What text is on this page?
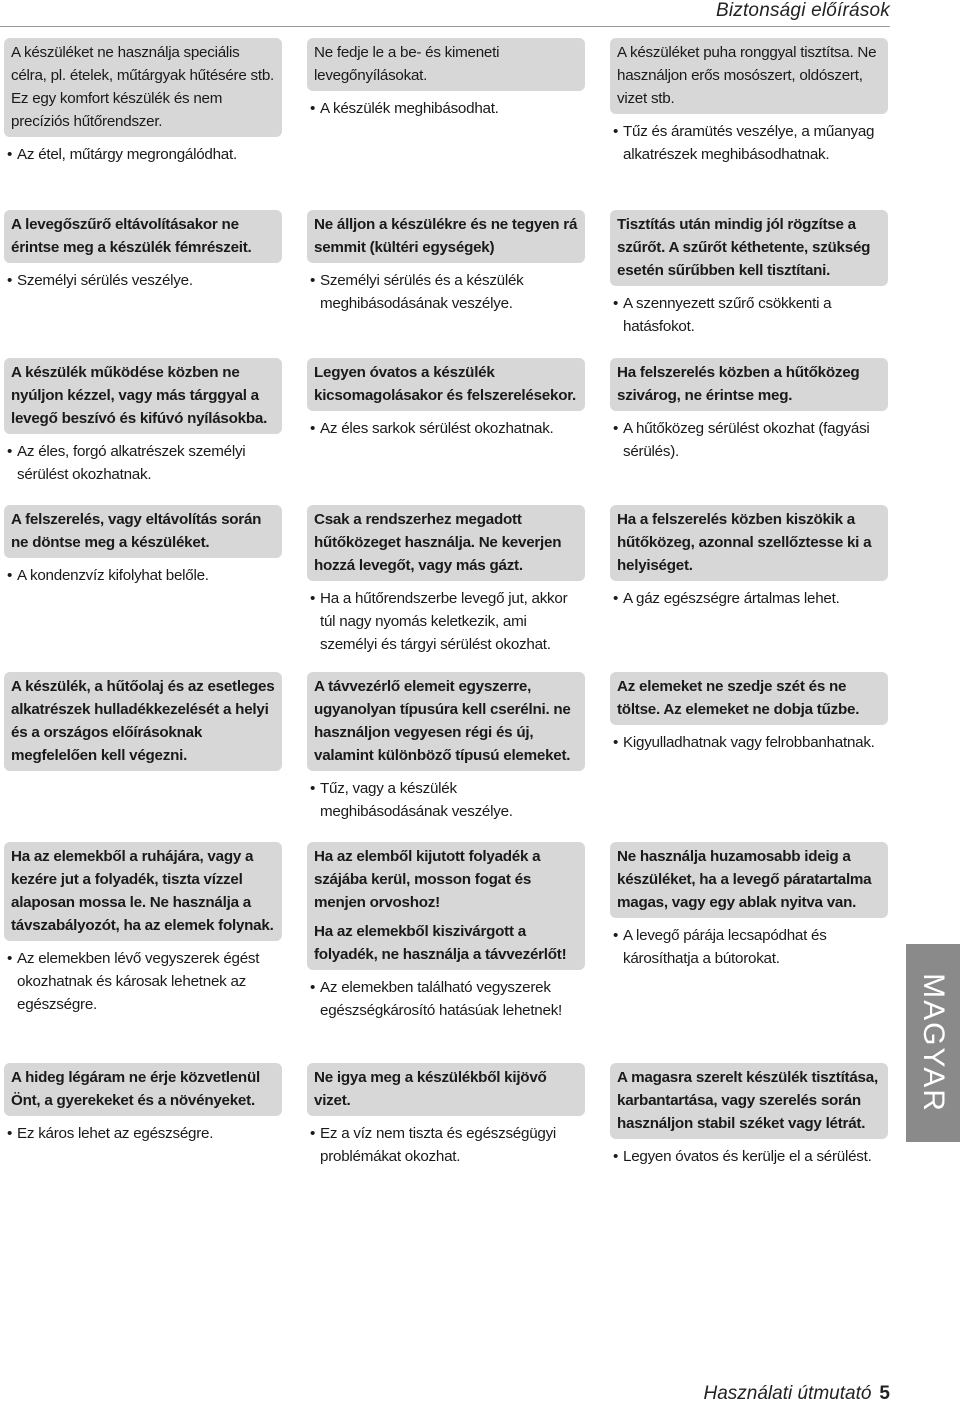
Biztonsági előírások

A készüléket ne használja speciális célra, pl. ételek, műtárgyak hűtésére stb. Ez egy komfort készülék és nem precíziós hűtőrendszer.

• Az étel, műtárgy megrongálódhat.

Ne fedje le a be- és kimeneti levegőnyílásokat.

• A készülék meghibásodhat.

A készüléket puha ronggyal tisztítsa. Ne használjon erős mosószert, oldószert, vizet stb.

• Tűz és áramütés veszélye, a műanyag alkatrészek meghibásodhatnak.

A levegőszűrő eltávolításakor ne érintse meg a készülék fémrészeit.

• Személyi sérülés veszélye.

Ne álljon a készülékre és ne tegyen rá semmit (kültéri egységek)

• Személyi sérülés és a készülék meghibásodásának veszélye.

Tisztítás után mindig jól rögzítse a szűrőt. A szűrőt kéthetente, szükség esetén sűrűbben kell tisztítani.

• A szennyezett szűrő csökkenti a hatásfokot.

A készülék működése közben ne nyúljon kézzel, vagy más tárggyal a levegő beszívó és kifúvó nyílásokba.

• Az éles, forgó alkatrészek személyi sérülést okozhatnak.

Legyen óvatos a készülék kicsomagolásakor és felszerelésekor.

• Az éles sarkok sérülést okozhatnak.

Ha felszerelés közben a hűtőközeg szivárog, ne érintse meg.

• A hűtőközeg sérülést okozhat (fagyási sérülés).

A felszerelés, vagy eltávolítás során ne döntse meg a készüléket.

• A kondenzvíz kifolyhat belőle.

Csak a rendszerhez megadott hűtőközeget használja. Ne keverjen hozzá levegőt, vagy más gázt.

• Ha a hűtőrendszerbe levegő jut, akkor túl nagy nyomás keletkezik, ami személyi és tárgyi sérülést okozhat.

Ha a felszerelés közben kiszökik a hűtőközeg, azonnal szellőztesse ki a helyiséget.

• A gáz egészségre ártalmas lehet.

A készülék, a hűtőolaj és az esetleges alkatrészek hulladékkezelését a helyi és a országos előírásoknak megfelelően kell végezni.

A távvezérlő elemeit egyszerre, ugyanolyan típusúra kell cserélni. ne használjon vegyesen régi és új, valamint különböző típusú elemeket.

• Tűz, vagy a készülék meghibásodásának veszélye.

Az elemeket ne szedje szét és ne töltse. Az elemeket ne dobja tűzbe.

• Kigyulladhatnak vagy felrobbanhatnak.

Ha az elemekből a ruhájára, vagy a kezére jut a folyadék, tiszta vízzel alaposan mossa le. Ne használja a távszabályozót, ha az elemek folynak.

• Az elemekben lévő vegyszerek égést okozhatnak és károsak lehetnek az egészségre.

Ha az elemből kijutott folyadék a szájába kerül, mosson fogat és menjen orvoshoz!

Ha az elemekből kiszivárgott a folyadék, ne használja a távvezérlőt!

• Az elemekben található vegyszerek egészségkárosító hatásúak lehetnek!

Ne használja huzamosabb ideig a készüléket, ha a levegő páratartalma magas, vagy egy ablak nyitva van.

• A levegő párája lecsapódhat és károsíthatja a bútorokat.

A hideg légáram ne érje közvetlenül Önt, a gyerekeket és a növényeket.

• Ez káros lehet az egészségre.

Ne igya meg a készülékből kijövő vizet.

• Ez a víz nem tiszta és egészségügyi problémákat okozhat.

A magasra szerelt készülék tisztítása, karbantartása, vagy szerelés során használjon stabil széket vagy létrát.

• Legyen óvatos és kerülje el a sérülést.
MAGYAR
Használati útmutató 5
